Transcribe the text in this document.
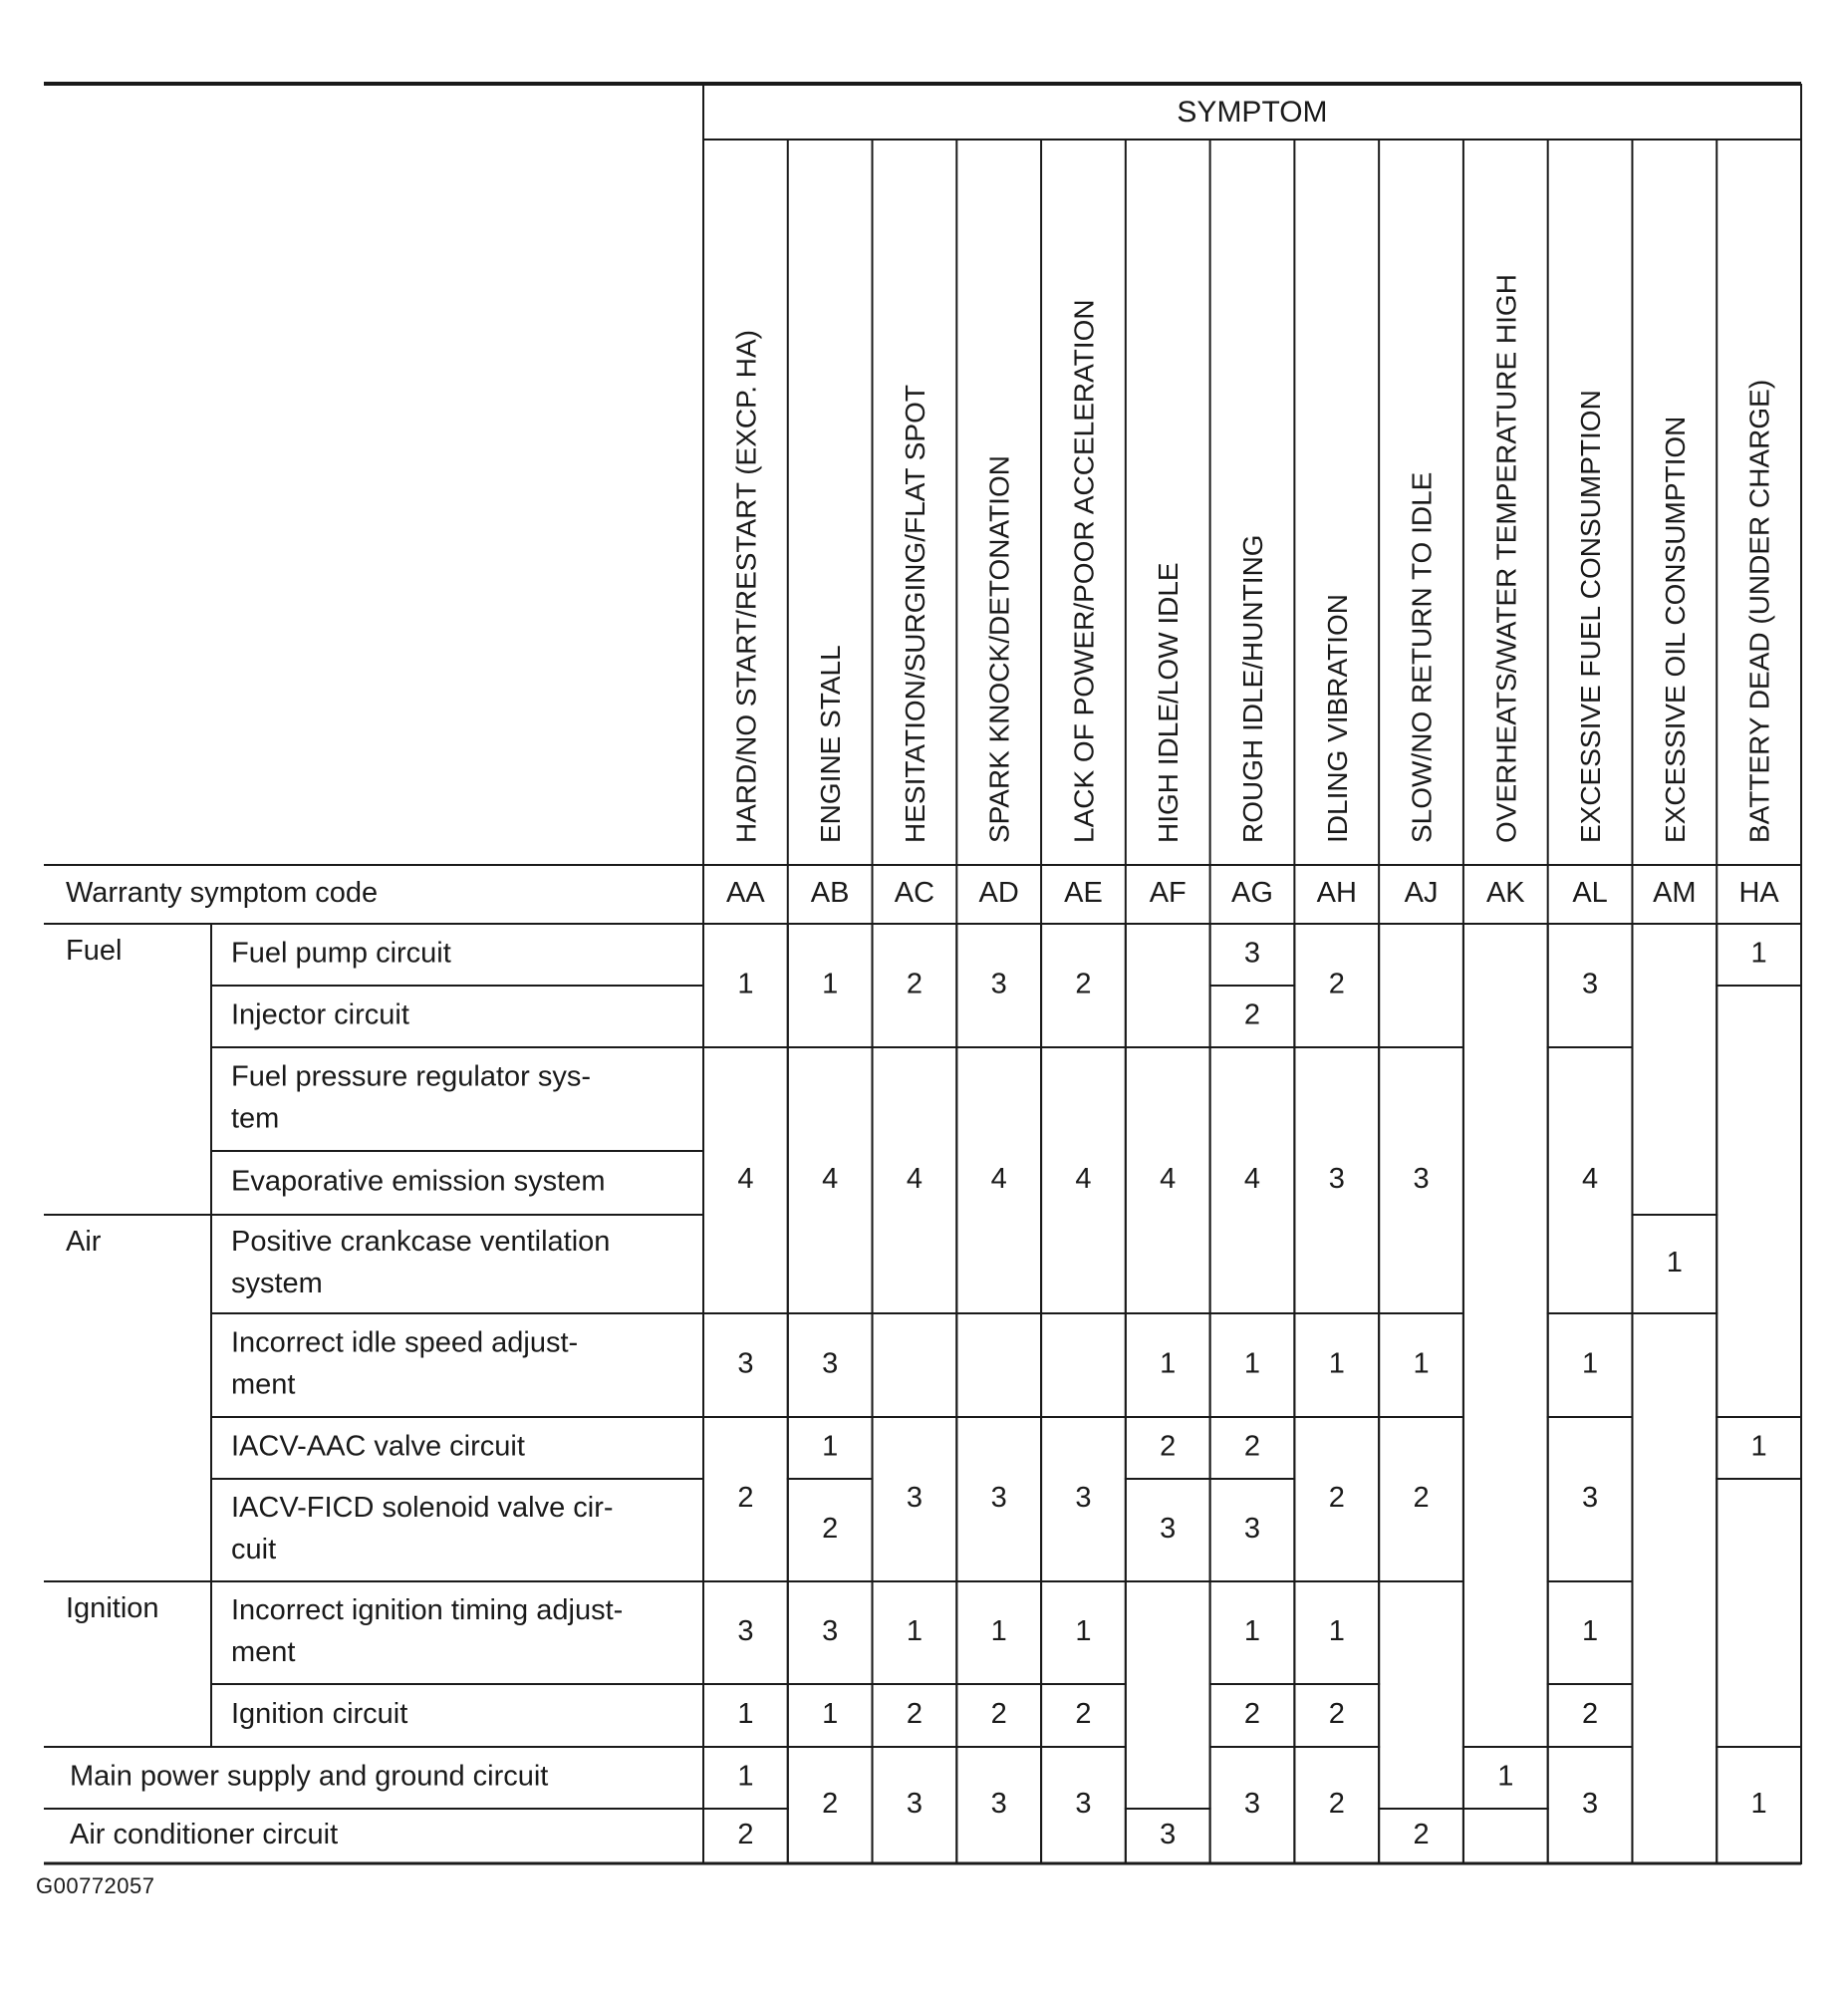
SYMPTOM
HARD/NO START/RESTART (EXCP. HA)
AA
ENGINE STALL
AB
HESITATION/SURGING/FLAT SPOT
AC
SPARK KNOCK/DETONATION
AD
LACK OF POWER/POOR ACCELERATION
AE
HIGH IDLE/LOW IDLE
AF
ROUGH IDLE/HUNTING
AG
IDLING VIBRATION
AH
SLOW/NO RETURN TO IDLE
AJ
OVERHEATS/WATER TEMPERATURE HIGH
AK
EXCESSIVE FUEL CONSUMPTION
AL
EXCESSIVE OIL CONSUMPTION
AM
BATTERY DEAD (UNDER CHARGE)
HA
Warranty symptom code
Fuel	Fuel pump circuit
Injector circuit
Fuel pressure regulator sys-
tem
Evaporative emission system
Air	Positive crankcase ventilation
system
Incorrect idle speed adjust-
ment
IACV-AAC valve circuit
IACV-FICD solenoid valve cir-
cuit
Ignition Incorrect ignition timing adjust-
ment
Ignition circuit
Main power supply and ground circuit
Air conditioner circuit
1
4
3
2
3
1
1
2
1
4
3
1
2
3
1
2
2
4
3
1
2
3
3
4
3
1
2
3
2
4
3
1
2
3
4
1
2
3
3
3
2
4
1
2
3
1
2
3
2
3
1
2
1
2
2
3
1
2
2
1
3
4
1
3
1
2
3
1
1
1
1
G00772057
